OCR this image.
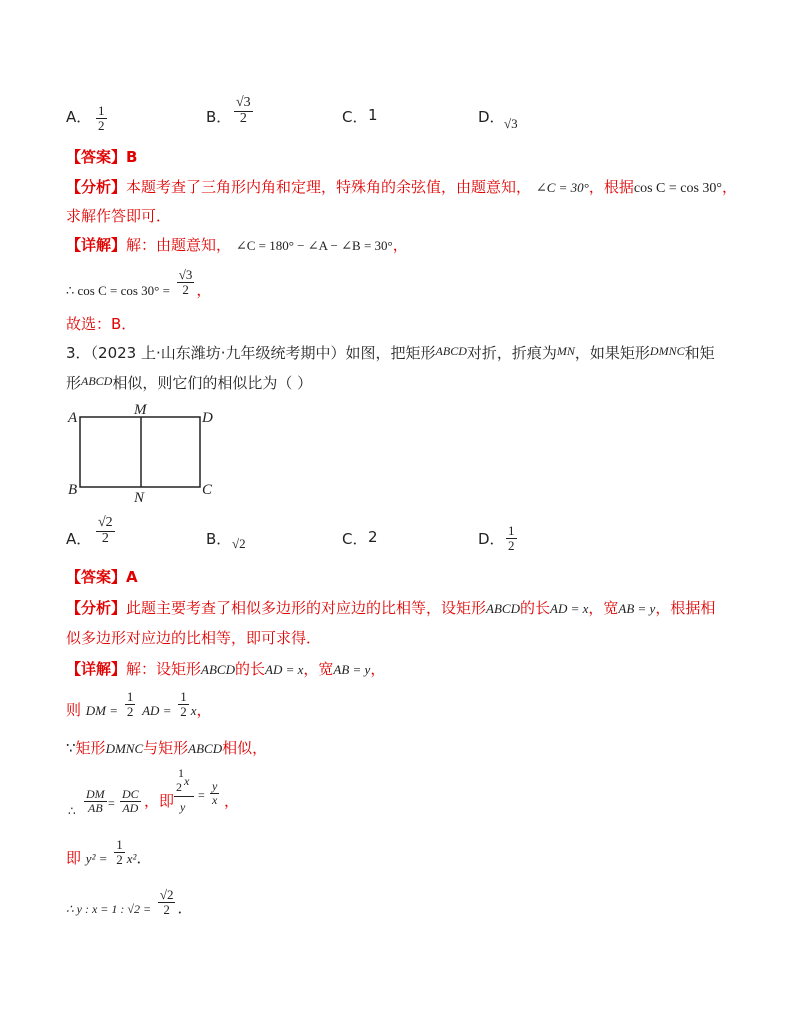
A． $\frac{1}{2}$	B． $\frac{√3}{2}$	C． 1	D． √3
【答案】B
【分析】本题考查了三角形内角和定理，特殊角的余弦值，由题意知， ∠C = 30°，根据cos C = cos 30°，
求解作答即可．
【详解】解：由题意知， ∠C = 180° − ∠A − ∠B = 30°，
∴ $\cos C = \cos 30^\circ = \frac{√3}{2}$ ，
故选：B．
3．（2023 上·山东潍坊·九年级统考期中）如图，把矩形$^{ABCD}$对折，折痕为$^{MN}$，如果矩形$^{DMNC}$和矩
形$^{ABCD}$相似，则它们的相似比为（ ）
A	M	D
B	N	C
A． $\frac{√2}{2}$	B． √2	C． 2	D． $\frac{1}{2}$
【答案】A
【分析】此题主要考查了相似多边形的对应边的比相等，设矩形ABCD的长AD = x，宽AB = y，根据相
似多边形对应边的比相等，即可求得．
【详解】解：设矩形ABCD的长AD = x，宽AB = y，
则 DM = $\frac{1}{2}$ AD = $\frac{1}{2}$ x，
∵矩形DMNC与矩形ABCD相似，
∴ $\frac{DM}{AB} = \frac{DC}{AD}$ ，即
1
2 x
y
= $\frac{y}{x}$ ，
即 $y^2 = \frac{1}{2} x^2$．
$_{\therefore y : x = 1 : √2 =} \frac{√2}{2}$ ．
